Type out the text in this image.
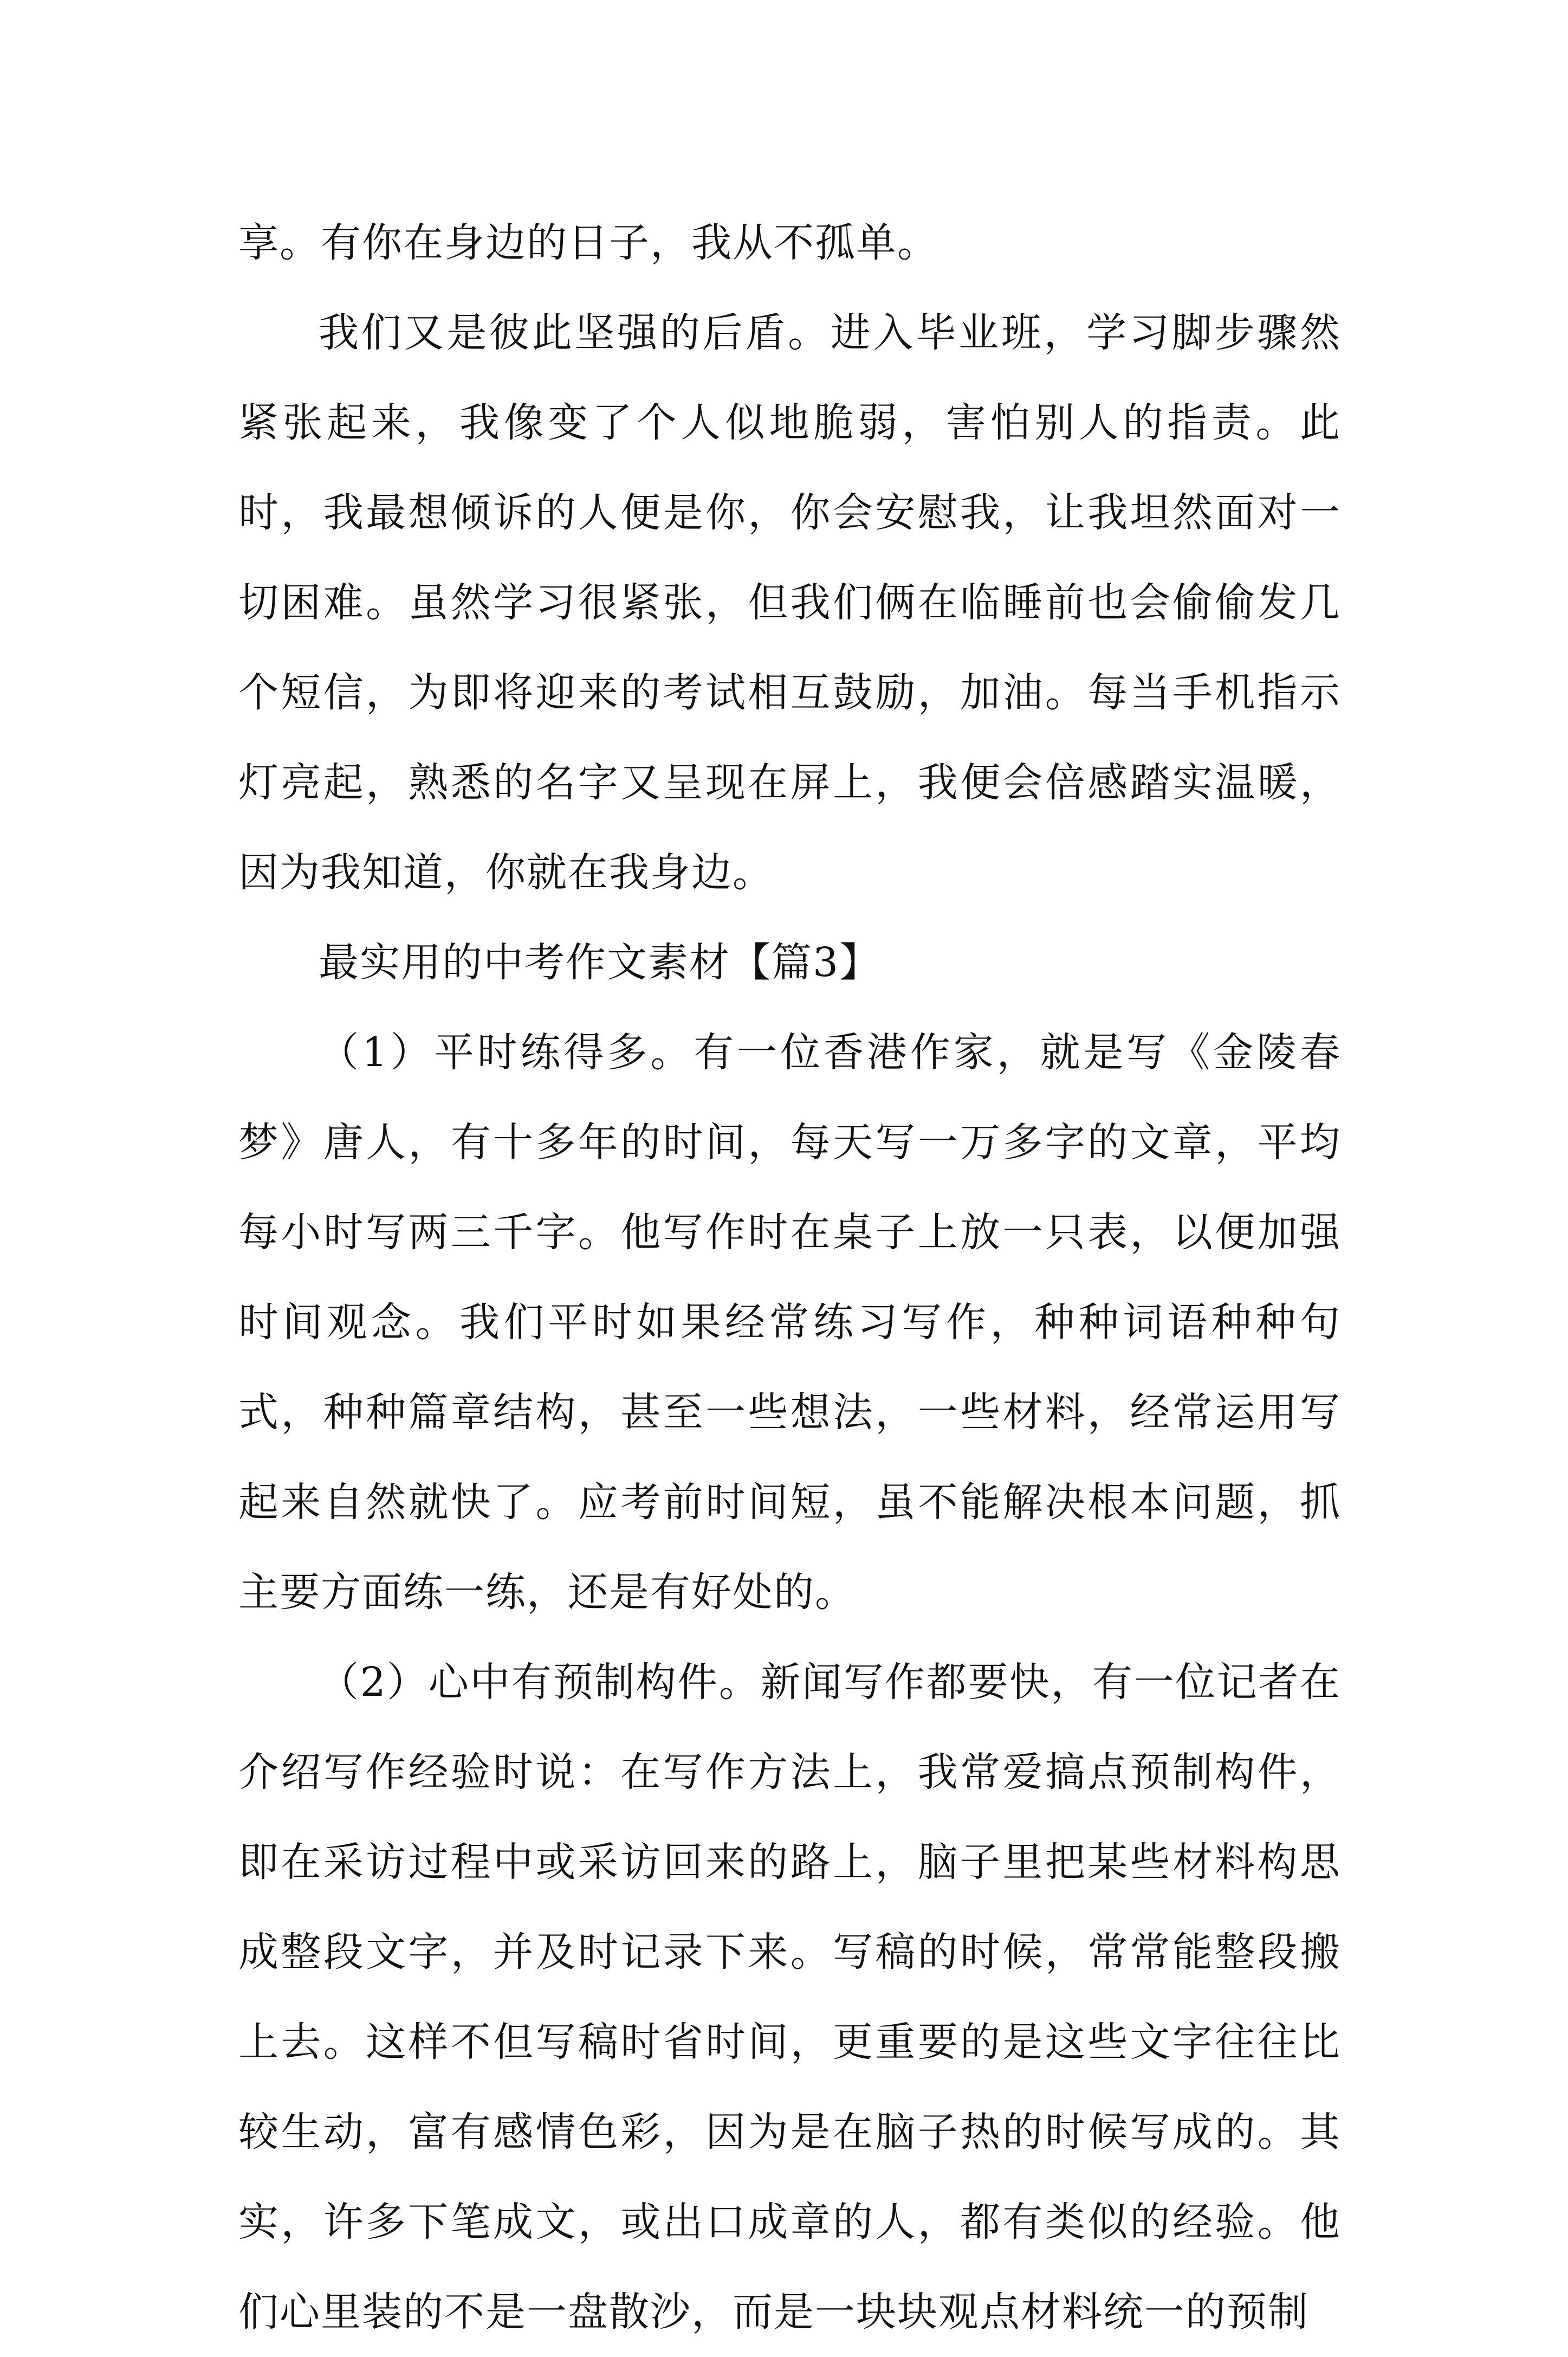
享。有你在身边的日子，我从不孤单。

我们又是彼此坚强的后盾。进入毕业班，学习脚步骤然紧张起来，我像变了个人似地脆弱，害怕别人的指责。此时，我最想倾诉的人便是你，你会安慰我，让我坦然面对一切困难。虽然学习很紧张，但我们俩在临睡前也会偷偷发几个短信，为即将迎来的考试相互鼓励，加油。每当手机指示灯亮起，熟悉的名字又呈现在屏上，我便会倍感踏实温暖，因为我知道，你就在我身边。

最实用的中考作文素材【篇3】

（1）平时练得多。有一位香港作家，就是写《金陵春梦》唐人，有十多年的时间，每天写一万多字的文章，平均每小时写两三千字。他写作时在桌子上放一只表，以便加强时间观念。我们平时如果经常练习写作，种种词语种种句式，种种篇章结构，甚至一些想法，一些材料，经常运用写起来自然就快了。应考前时间短，虽不能解决根本问题，抓主要方面练一练，还是有好处的。

（2）心中有预制构件。新闻写作都要快，有一位记者在介绍写作经验时说：在写作方法上，我常爱搞点预制构件，即在采访过程中或采访回来的路上，脑子里把某些材料构思成整段文字，并及时记录下来。写稿的时候，常常能整段搬上去。这样不但写稿时省时间，更重要的是这些文字往往比较生动，富有感情色彩，因为是在脑子热的时候写成的。其实，许多下笔成文，或出口成章的人，都有类似的经验。他们心里装的不是一盘散沙，而是一块块观点材料统一的预制
